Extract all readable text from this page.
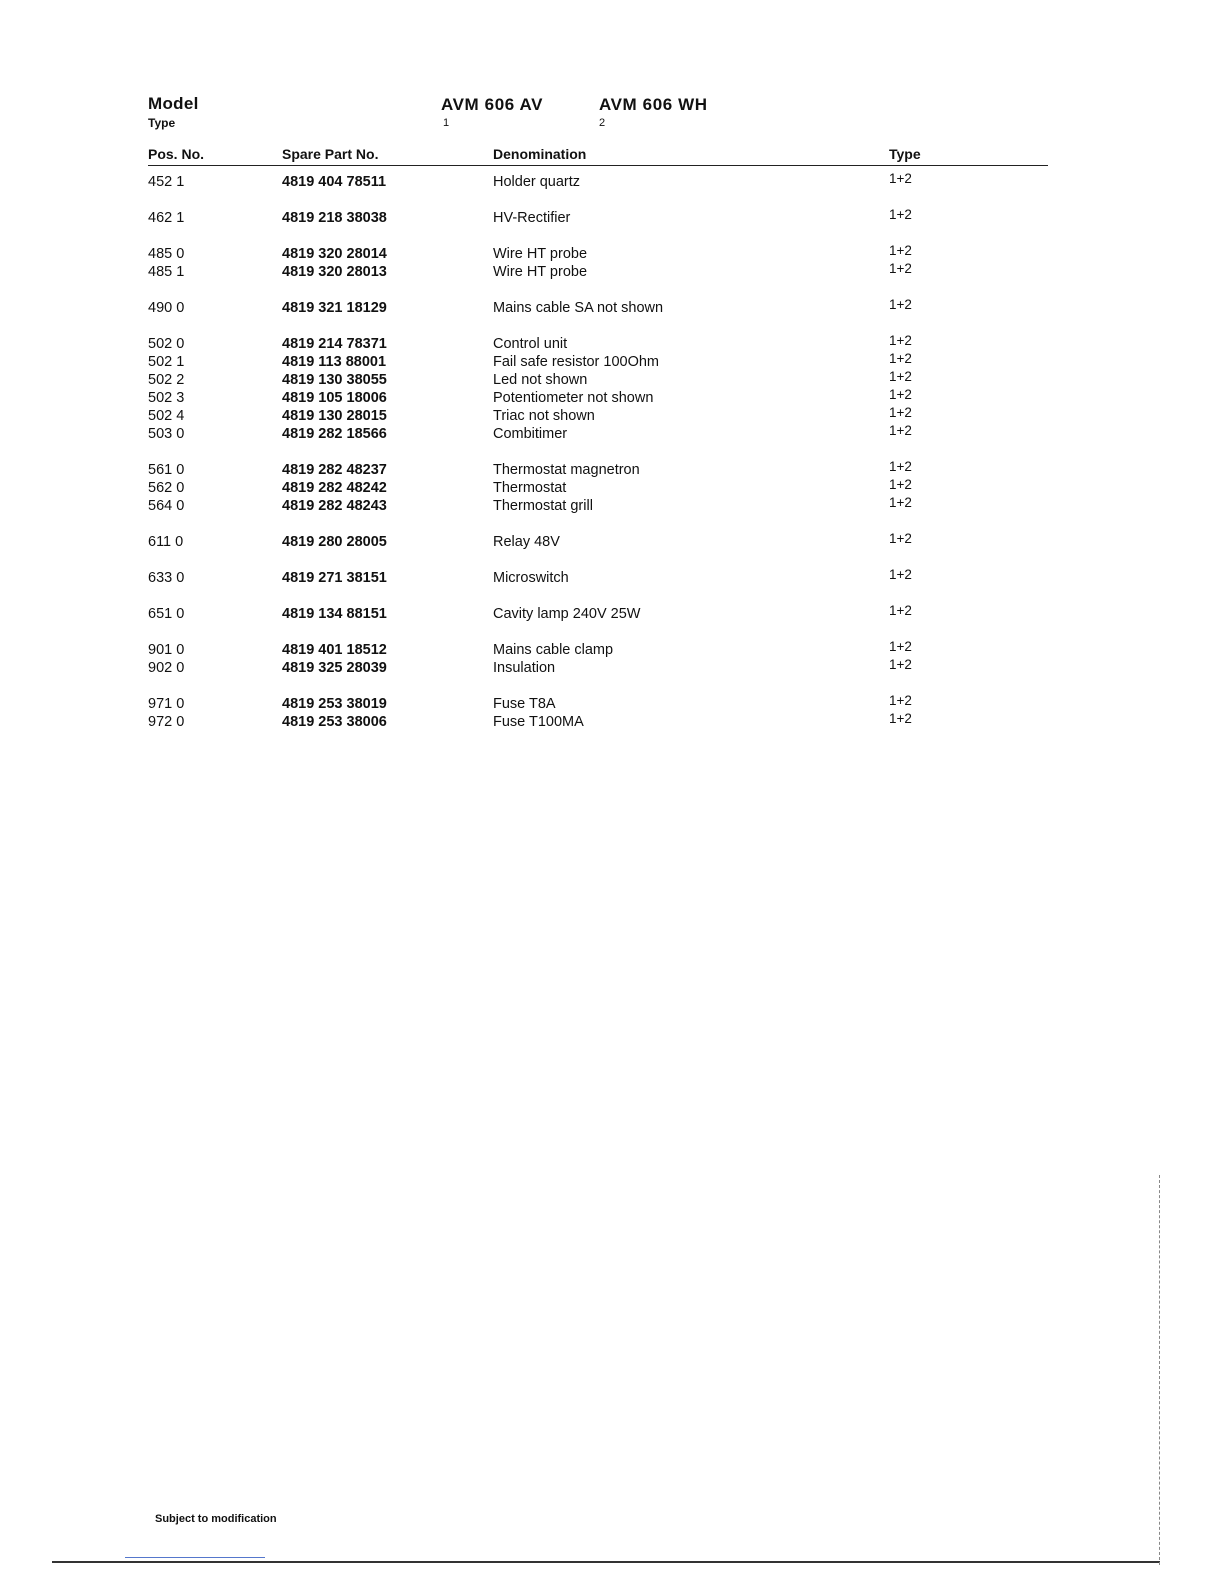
Model
Type
AVM 606 AV	AVM 606 WH
1	2
Pos. No.	Spare Part No.	Denomination	Type
452 1	4819 404 78511	Holder quartz	1+2
462 1	4819 218 38038	HV-Rectifier	1+2
485 0	4819 320 28014	Wire HT probe	1+2
485 1	4819 320 28013	Wire HT probe	1+2
490 0	4819 321 18129	Mains cable SA not shown	1+2
502 0	4819 214 78371	Control unit	1+2
502 1	4819 113 88001	Fail safe resistor 100Ohm	1+2
502 2	4819 130 38055	Led not shown	1+2
502 3	4819 105 18006	Potentiometer not shown	1+2
502 4	4819 130 28015	Triac not shown	1+2
503 0	4819 282 18566	Combitimer	1+2
561 0	4819 282 48237	Thermostat magnetron	1+2
562 0	4819 282 48242	Thermostat	1+2
564 0	4819 282 48243	Thermostat grill	1+2
611 0	4819 280 28005	Relay 48V	1+2
633 0	4819 271 38151	Microswitch	1+2
651 0	4819 134 88151	Cavity lamp 240V 25W	1+2
901 0	4819 401 18512	Mains cable clamp	1+2
902 0	4819 325 28039	Insulation	1+2
971 0	4819 253 38019	Fuse T8A	1+2
972 0	4819 253 38006	Fuse T100MA	1+2
Subject to modification
